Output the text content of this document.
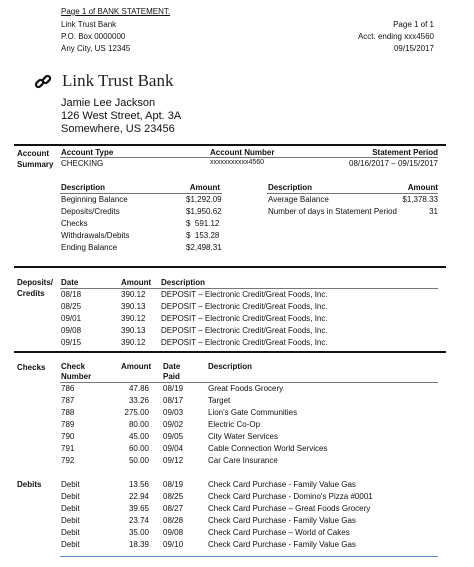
Page 1 of BANK STATEMENT:
Link Trust Bank
P.O. Box 0000000
Any City, US 12345
Page 1 of 1
Acct. ending xxx4560
09/15/2017
Link Trust Bank
Jamie Lee Jackson
126 West Street, Apt. 3A
Somewhere, US 23456
Account
Summary
Account Type	Account Number	Statement Period
CHECKING	xxxxxxxxxxx4560	08/16/2017 – 09/15/2017
Description	Amount
Beginning Balance	$1,292.09
Deposits/Credits	$1,950.62
Checks	$  591.12
Withdrawals/Debits	$  153.28
Ending Balance	$2,498.31
Description	Amount
Average Balance	$1,378.33
Number of days in Statement Period	31
Deposits/
Credits
Date	Amount Description
08/18	390.12 DEPOSIT – Electronic Credit/Great Foods, Inc.
08/25	390.13 DEPOSIT – Electronic Credit/Great Foods, Inc.
09/01	390.12 DEPOSIT – Electronic Credit/Great Foods, Inc.
09/08	390.13 DEPOSIT – Electronic Credit/Great Foods, Inc.
09/15	390.12 DEPOSIT – Electronic Credit/Great Foods, Inc.
Checks Check
Number
Amount Date
Paid
Description
786	47.86 08/19	Great Foods Grocery
787	33.26 08/17	Target
788	275.00 09/03	Lion's Gate Communities
789	80.00 09/02	Electric Co-Op
790	45.00 09/05	City Water Services
791	60.00 09/04	Cable Connection World Services
792	50.00 09/12	Car Care Insurance
Debits Debit	13.56 08/19	Check Card Purchase - Family Value Gas
Debit	22.94 08/25	Check Card Purchase - Domino's Pizza #0001
Debit	39.65 08/27	Check Card Purchase – Great Foods Grocery
Debit	23.74 08/28	Check Card Purchase - Family Value Gas
Debit	35.00 09/08	Check Card Purchase – World of Cakes
Debit	18.39 09/10	Check Card Purchase - Family Value Gas
